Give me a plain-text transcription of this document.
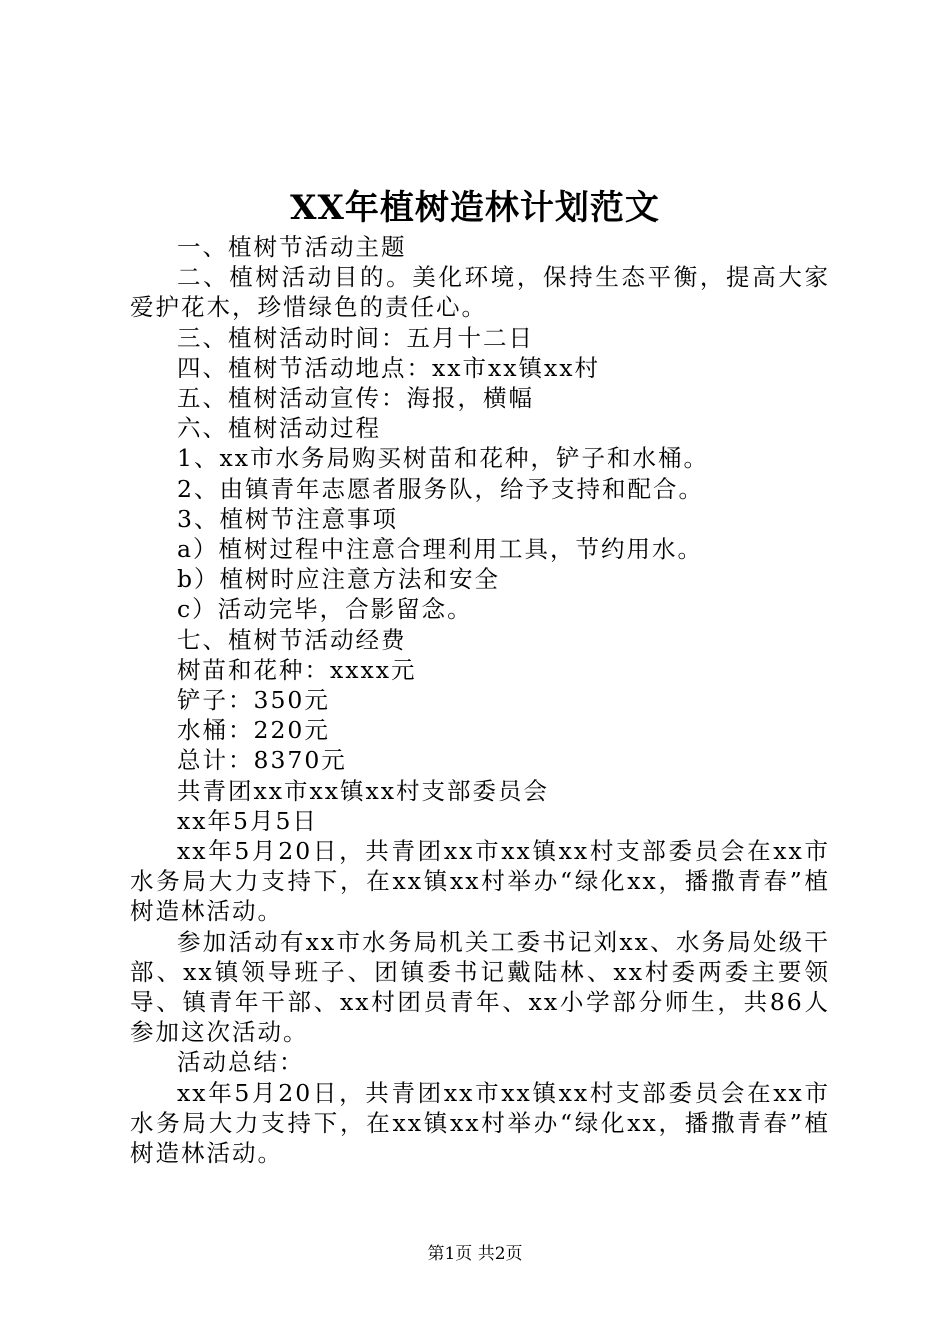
XX年植树造林计划范文

一、植树节活动主题

二、植树活动目的。美化环境，保持生态平衡，提高大家爱护花木，珍惜绿色的责任心。

三、植树活动时间：五月十二日

四、植树节活动地点：xx市xx镇xx村

五、植树活动宣传：海报，横幅

六、植树活动过程

1、xx市水务局购买树苗和花种，铲子和水桶。

2、由镇青年志愿者服务队，给予支持和配合。

3、植树节注意事项

a）植树过程中注意合理利用工具，节约用水。

b）植树时应注意方法和安全

c）活动完毕，合影留念。

七、植树节活动经费

树苗和花种：xxxx元

铲子：350元

水桶：220元

总计：8370元

共青团xx市xx镇xx村支部委员会

xx年5月5日

xx年5月20日，共青团xx市xx镇xx村支部委员会在xx市水务局大力支持下，在xx镇xx村举办“绿化xx，播撒青春”植树造林活动。

参加活动有xx市水务局机关工委书记刘xx、水务局处级干部、xx镇领导班子、团镇委书记戴陆林、xx村委两委主要领导、镇青年干部、xx村团员青年、xx小学部分师生，共86人参加这次活动。

活动总结：

xx年5月20日，共青团xx市xx镇xx村支部委员会在xx市水务局大力支持下，在xx镇xx村举办“绿化xx，播撒青春”植树造林活动。

第1页 共2页
